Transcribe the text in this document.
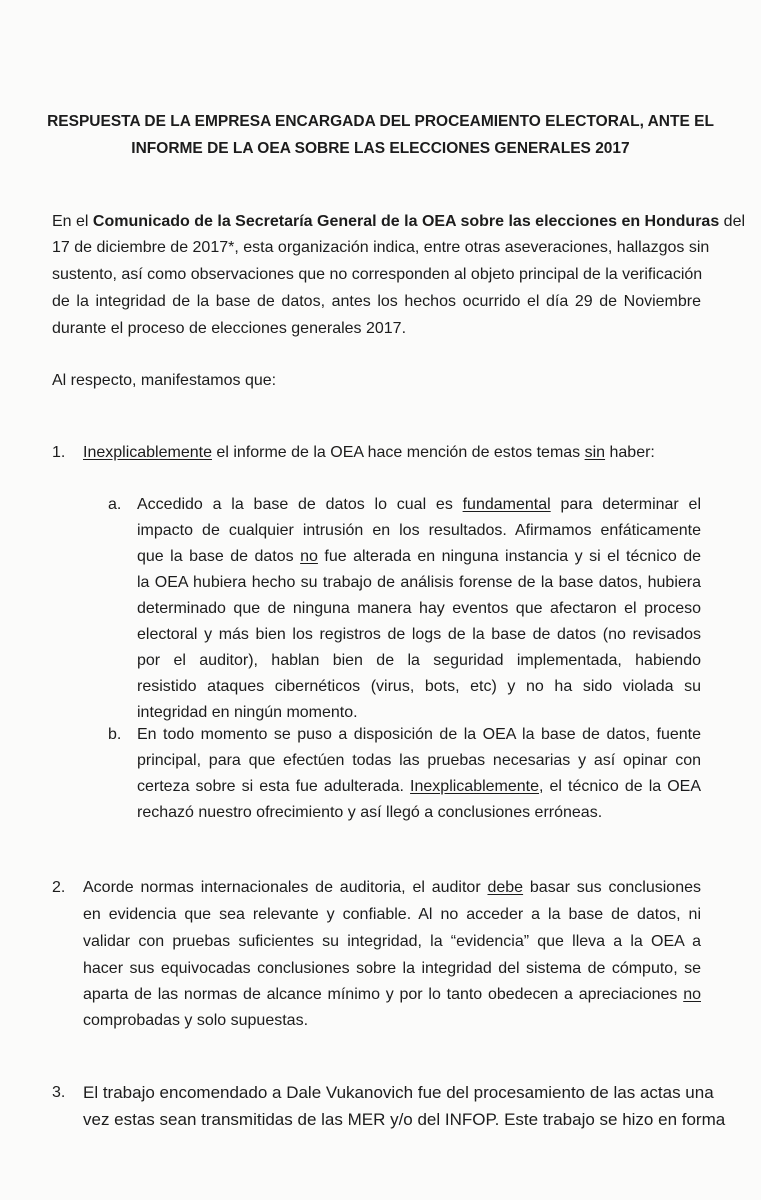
RESPUESTA DE LA EMPRESA ENCARGADA DEL PROCEAMIENTO ELECTORAL, ANTE EL
INFORME DE LA OEA SOBRE LAS ELECCIONES GENERALES 2017
En el Comunicado de la Secretaría General de la OEA sobre las elecciones en Honduras del
17 de diciembre de 2017*, esta organización indica, entre otras aseveraciones, hallazgos sin
sustento, así como observaciones que no corresponden al objeto principal de la verificación
de la integridad de la base de datos, antes los hechos ocurrido el día 29 de Noviembre
durante el proceso de elecciones generales 2017.
Al respecto, manifestamos que:
1. Inexplicablemente el informe de la OEA hace mención de estos temas sin haber:
a. Accedido a la base de datos lo cual es fundamental para determinar el
impacto de cualquier intrusión en los resultados. Afirmamos enfáticamente
que la base de datos no fue alterada en ninguna instancia y si el técnico de
la OEA hubiera hecho su trabajo de análisis forense de la base datos, hubiera
determinado que de ninguna manera hay eventos que afectaron el proceso
electoral y más bien los registros de logs de la base de datos (no revisados
por el auditor), hablan bien de la seguridad implementada, habiendo
resistido ataques cibernéticos (virus, bots, etc) y no ha sido violada su
integridad en ningún momento.
b. En todo momento se puso a disposición de la OEA la base de datos, fuente
principal, para que efectúen todas las pruebas necesarias y así opinar con
certeza sobre si esta fue adulterada. Inexplicablemente, el técnico de la OEA
rechazó nuestro ofrecimiento y así llegó a conclusiones erróneas.
2. Acorde normas internacionales de auditoria, el auditor debe basar sus conclusiones
en evidencia que sea relevante y confiable. Al no acceder a la base de datos, ni
validar con pruebas suficientes su integridad, la “evidencia” que lleva a la OEA a
hacer sus equivocadas conclusiones sobre la integridad del sistema de cómputo, se
aparta de las normas de alcance mínimo y por lo tanto obedecen a apreciaciones no
comprobadas y solo supuestas.
3. El trabajo encomendado a Dale Vukanovich fue del procesamiento de las actas una
vez estas sean transmitidas de las MER y/o del INFOP. Este trabajo se hizo en forma
